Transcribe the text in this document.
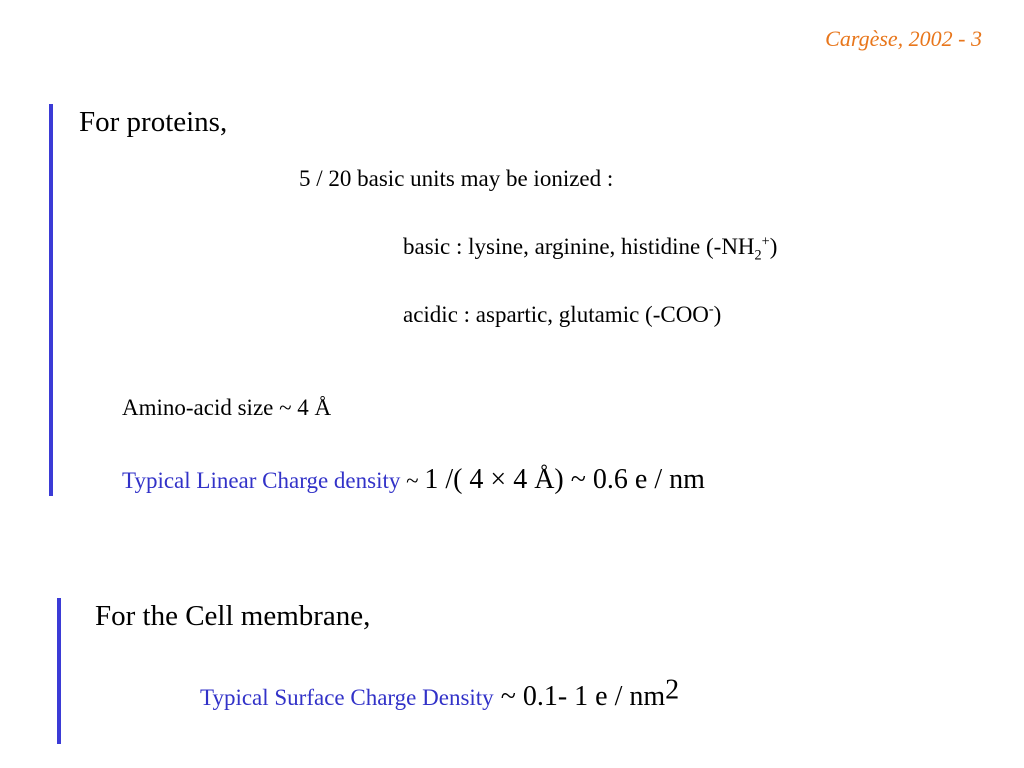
Cargèse, 2002 - 3
For proteins,
5 / 20 basic units may be ionized :
basic : lysine, arginine, histidine $(-NH_2^+)$
acidic : aspartic, glutamic (-COO-)
Amino-acid size ~ 4 Å
Typical Linear Charge density ~ 1 /( 4 × 4 Å) ~ 0.6 e / nm
For the Cell membrane,
Typical Surface Charge Density ~ 0.1- 1 e / $nm^2$
